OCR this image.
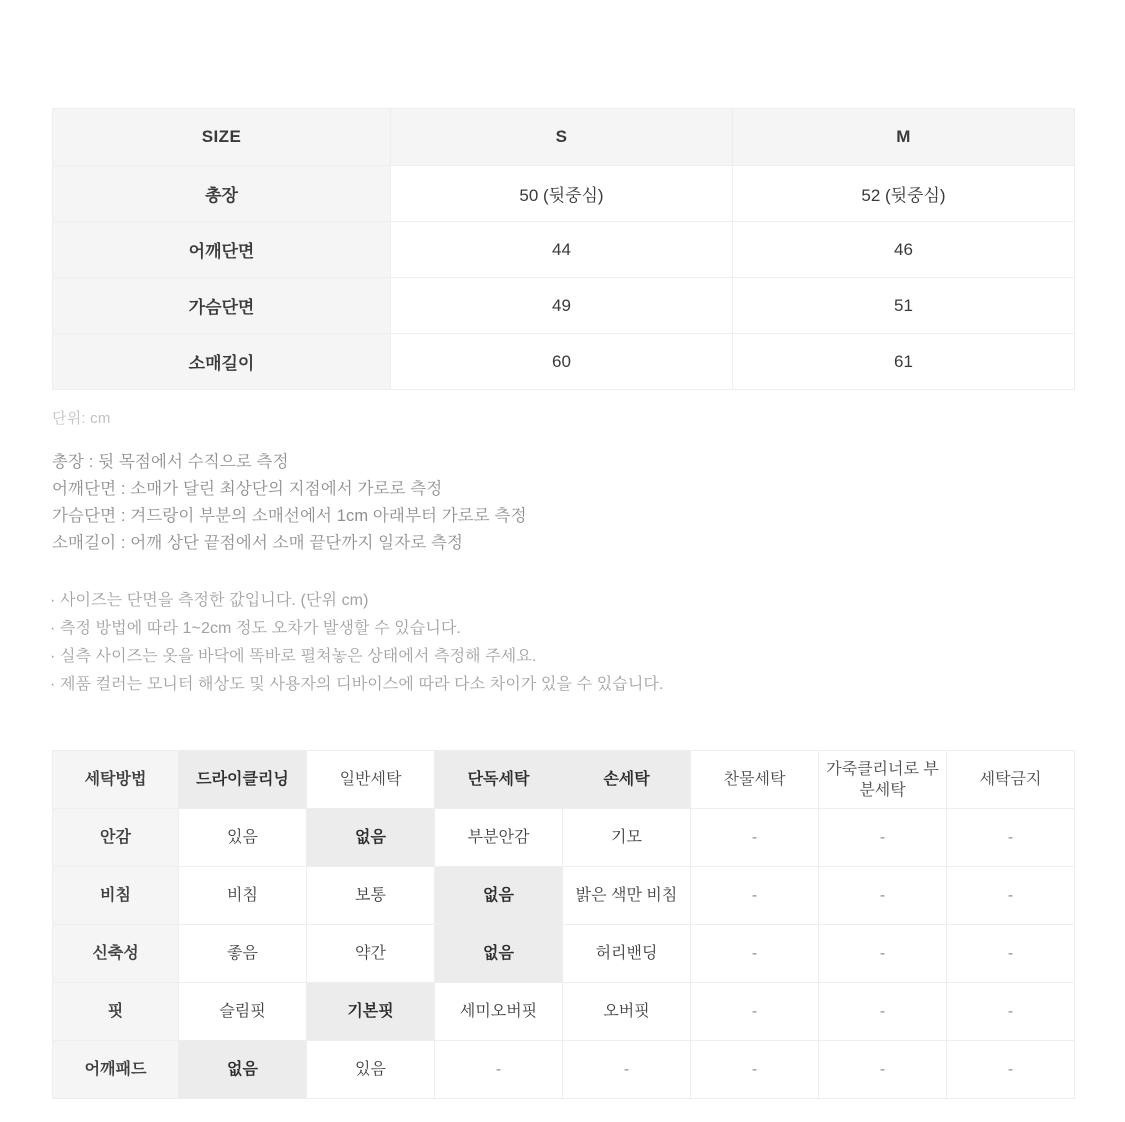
SIZE	S	M
총장	50 (뒷중심)	52 (뒷중심)
어깨단면	44	46
가슴단면	49	51
소매길이	60	61
단위: cm
총장 : 뒷 목점에서 수직으로 측정
어깨단면 : 소매가 달린 최상단의 지점에서 가로로 측정
가슴단면 : 겨드랑이 부분의 소매선에서 1cm 아래부터 가로로 측정
소매길이 : 어깨 상단 끝점에서 소매 끝단까지 일자로 측정
· 사이즈는 단면을 측정한 값입니다. (단위 cm)
· 측정 방법에 따라 1~2cm 정도 오차가 발생할 수 있습니다.
· 실측 사이즈는 옷을 바닥에 똑바로 펼쳐놓은 상태에서 측정해 주세요.
· 제품 컬러는 모니터 해상도 및 사용자의 디바이스에 따라 다소 차이가 있을 수 있습니다.
세탁방법	드라이클리닝	일반세탁	단독세탁	손세탁	찬물세탁	가죽클리너로 부분세탁	세탁금지
안감	있음	없음	부분안감	기모	-	-	-
비침	비침	보통	없음	밝은 색만 비침	-	-	-
신축성	좋음	약간	없음	허리밴딩	-	-	-
핏	슬림핏	기본핏	세미오버핏	오버핏	-	-	-
어깨패드	없음	있음	-	-	-	-	-
